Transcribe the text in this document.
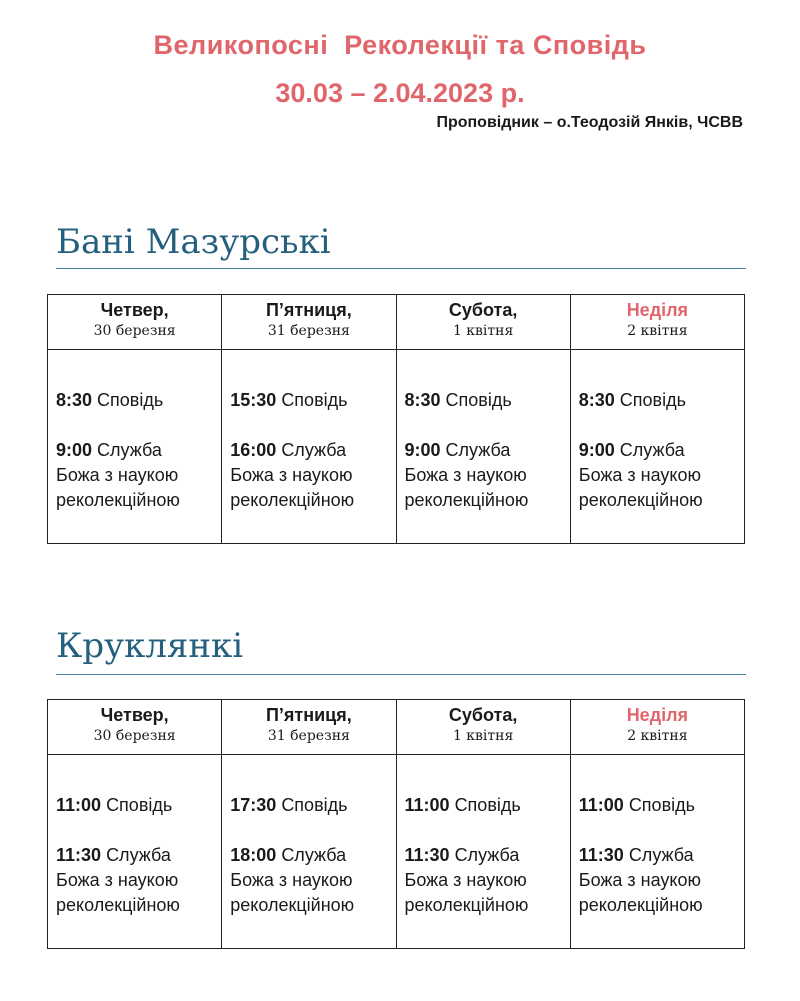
Великопосні Реколекції та Сповідь
30.03 – 2.04.2023 р.
Проповідник – о.Теодозій Янків, ЧСВВ
Бані Мазурські
Четвер,
30 березня	П’ятниця,
31 березня	Субота,
1 квітня	Неділя
2 квітня

8:30 Сповідь
9:00 Служба
Божа з наукою
реколекційною	15:30 Сповідь
16:00 Служба
Божа з наукою
реколекційною	8:30 Сповідь
9:00 Служба
Божа з наукою
реколекційною	8:30 Сповідь
9:00 Служба
Божа з наукою
реколекційною
Круклянкі
Четвер,
30 березня	П’ятниця,
31 березня	Субота,
1 квітня	Неділя
2 квітня

11:00 Сповідь
11:30 Служба
Божа з наукою
реколекційною	17:30 Сповідь
18:00 Служба
Божа з наукою
реколекційною	11:00 Сповідь
11:30 Служба
Божа з наукою
реколекційною	11:00 Сповідь
11:30 Служба
Божа з наукою
реколекційною
